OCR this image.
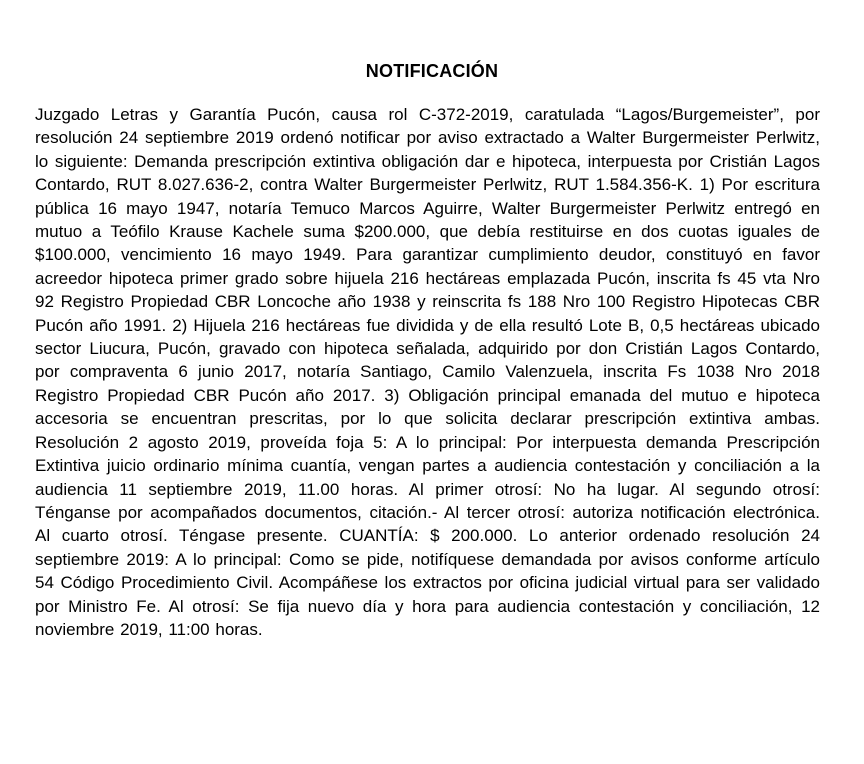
NOTIFICACIÓN

Juzgado Letras y Garantía Pucón, causa rol C-372-2019, caratulada “Lagos/Burgemeister”, por resolución 24 septiembre 2019 ordenó notificar por aviso extractado a Walter Burgermeister Perlwitz, lo siguiente: Demanda prescripción extintiva obligación dar e hipoteca, interpuesta por Cristián Lagos Contardo, RUT 8.027.636-2, contra Walter Burgermeister Perlwitz, RUT 1.584.356-K. 1) Por escritura pública 16 mayo 1947, notaría Temuco Marcos Aguirre, Walter Burgermeister Perlwitz entregó en mutuo a Teófilo Krause Kachele suma $200.000, que debía restituirse en dos cuotas iguales de $100.000, vencimiento 16 mayo 1949. Para garantizar cumplimiento deudor, constituyó en favor acreedor hipoteca primer grado sobre hijuela 216 hectáreas emplazada Pucón, inscrita fs 45 vta Nro 92 Registro Propiedad CBR Loncoche año 1938 y reinscrita fs 188 Nro 100 Registro Hipotecas CBR Pucón año 1991. 2) Hijuela 216 hectáreas fue dividida y de ella resultó Lote B, 0,5 hectáreas ubicado sector Liucura, Pucón, gravado con hipoteca señalada, adquirido por don Cristián Lagos Contardo, por compraventa 6 junio 2017, notaría Santiago, Camilo Valenzuela, inscrita Fs 1038 Nro 2018 Registro Propiedad CBR Pucón año 2017. 3) Obligación principal emanada del mutuo e hipoteca accesoria se encuentran prescritas, por lo que solicita declarar prescripción extintiva ambas. Resolución 2 agosto 2019, proveída foja 5: A lo principal: Por interpuesta demanda Prescripción Extintiva juicio ordinario mínima cuantía, vengan partes a audiencia contestación y conciliación a la audiencia 11 septiembre 2019, 11.00 horas. Al primer otrosí: No ha lugar. Al segundo otrosí: Ténganse por acompañados documentos, citación.- Al tercer otrosí: autoriza notificación electrónica. Al cuarto otrosí. Téngase presente. CUANTÍA: $ 200.000. Lo anterior ordenado resolución 24 septiembre 2019: A lo principal: Como se pide, notifíquese demandada por avisos conforme artículo 54 Código Procedimiento Civil. Acompáñese los extractos por oficina judicial virtual para ser validado por Ministro Fe. Al otrosí: Se fija nuevo día y hora para audiencia contestación y conciliación, 12 noviembre 2019, 11:00 horas.
